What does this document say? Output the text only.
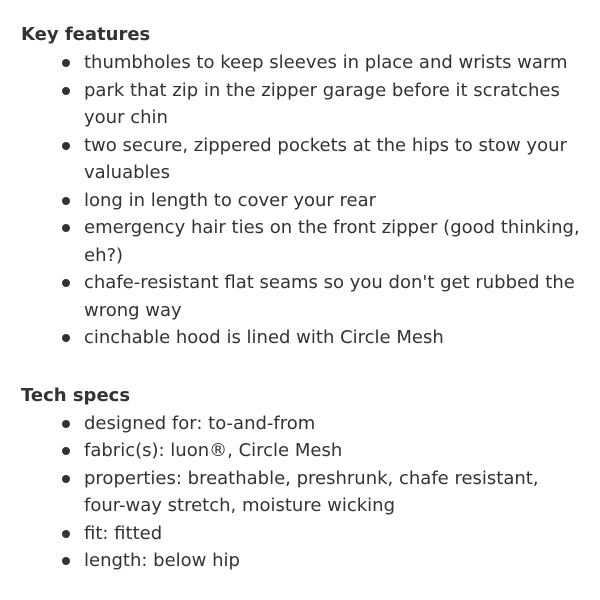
Key features
thumbholes to keep sleeves in place and wrists warm
park that zip in the zipper garage before it scratches your chin
two secure, zippered pockets at the hips to stow your valuables
long in length to cover your rear
emergency hair ties on the front zipper (good thinking, eh?)
chafe-resistant flat seams so you don't get rubbed the wrong way
cinchable hood is lined with Circle Mesh
Tech specs
designed for: to-and-from
fabric(s): luon®, Circle Mesh
properties: breathable, preshrunk, chafe resistant, four-way stretch, moisture wicking
fit: fitted
length: below hip
